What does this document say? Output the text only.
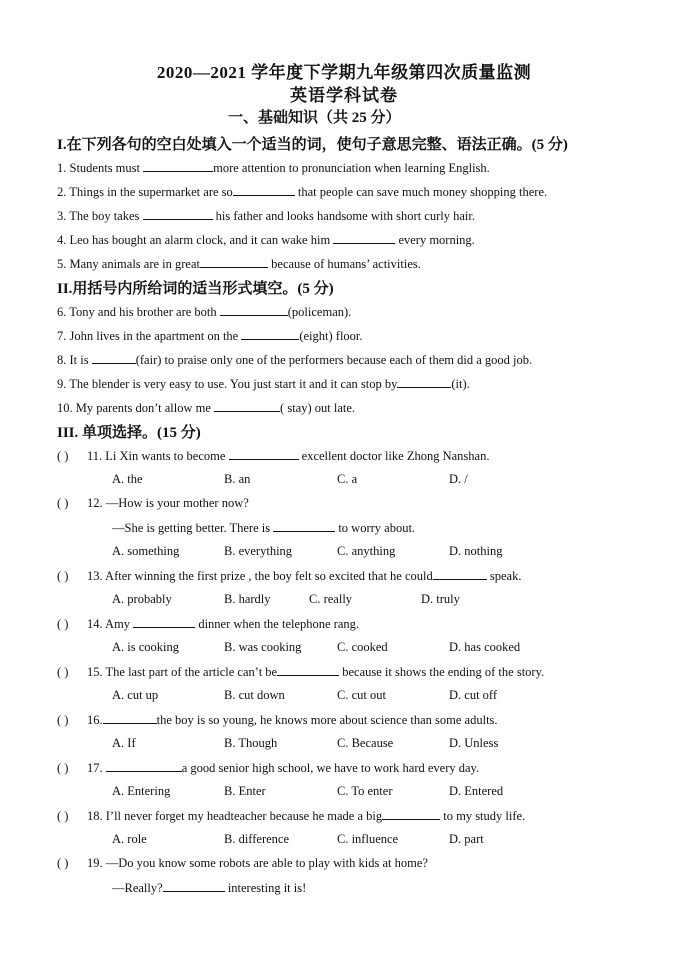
2020—2021 学年度下学期九年级第四次质量监测
英语学科试卷
一、基础知识（共 25 分）
I.在下列各句的空白处填入一个适当的词，使句子意思完整、语法正确。(5 分)
1. Students must	more attention to pronunciation when learning English.
2. Things in the supermarket are so	that people can save much money shopping there.
3. The boy takes	his father and looks handsome with short curly hair.
4. Leo has bought an alarm clock, and it can wake him	every morning.
5. Many animals are in great	because of humans’ activities.
II.用括号内所给词的适当形式填空。(5 分)
6. Tony and his brother are both	(policeman).
7. John lives in the apartment on the	(eight) floor.
8. It is	(fair) to praise only one of the performers because each of them did a good job.
9. The blender is very easy to use. You just start it and it can stop by	(it).
10. My parents don’t allow me	( stay) out late.
III. 单项选择。(15 分)
( ) 11. Li Xin wants to become	excellent doctor like Zhong Nanshan.
A. the	B. an	C. a	D. /
( ) 12. —How is your mother now?
—She is getting better. There is	to worry about.
A. something	B. everything	C. anything	D. nothing
( ) 13. After winning the first prize , the boy felt so excited that he could	speak.
A. probably	B. hardly	C. really	D. truly
( ) 14. Amy	dinner when the telephone rang.
A. is cooking	B. was cooking	C. cooked	D. has cooked
( ) 15. The last part of the article can’t be	because it shows the ending of the story.
A. cut up	B. cut down	C. cut out	D. cut off
( ) 16.	the boy is so young, he knows more about science than some adults.
A. If	B. Though	C. Because	D. Unless
( ) 17.	a good senior high school, we have to work hard every day.
A. Entering	B. Enter	C. To enter	D. Entered
( ) 18. I’ll never forget my headteacher because he made a big	to my study life.
A. role	B. difference	C. influence	D. part
( ) 19. —Do you know some robots are able to play with kids at home?
—Really?	interesting it is!
